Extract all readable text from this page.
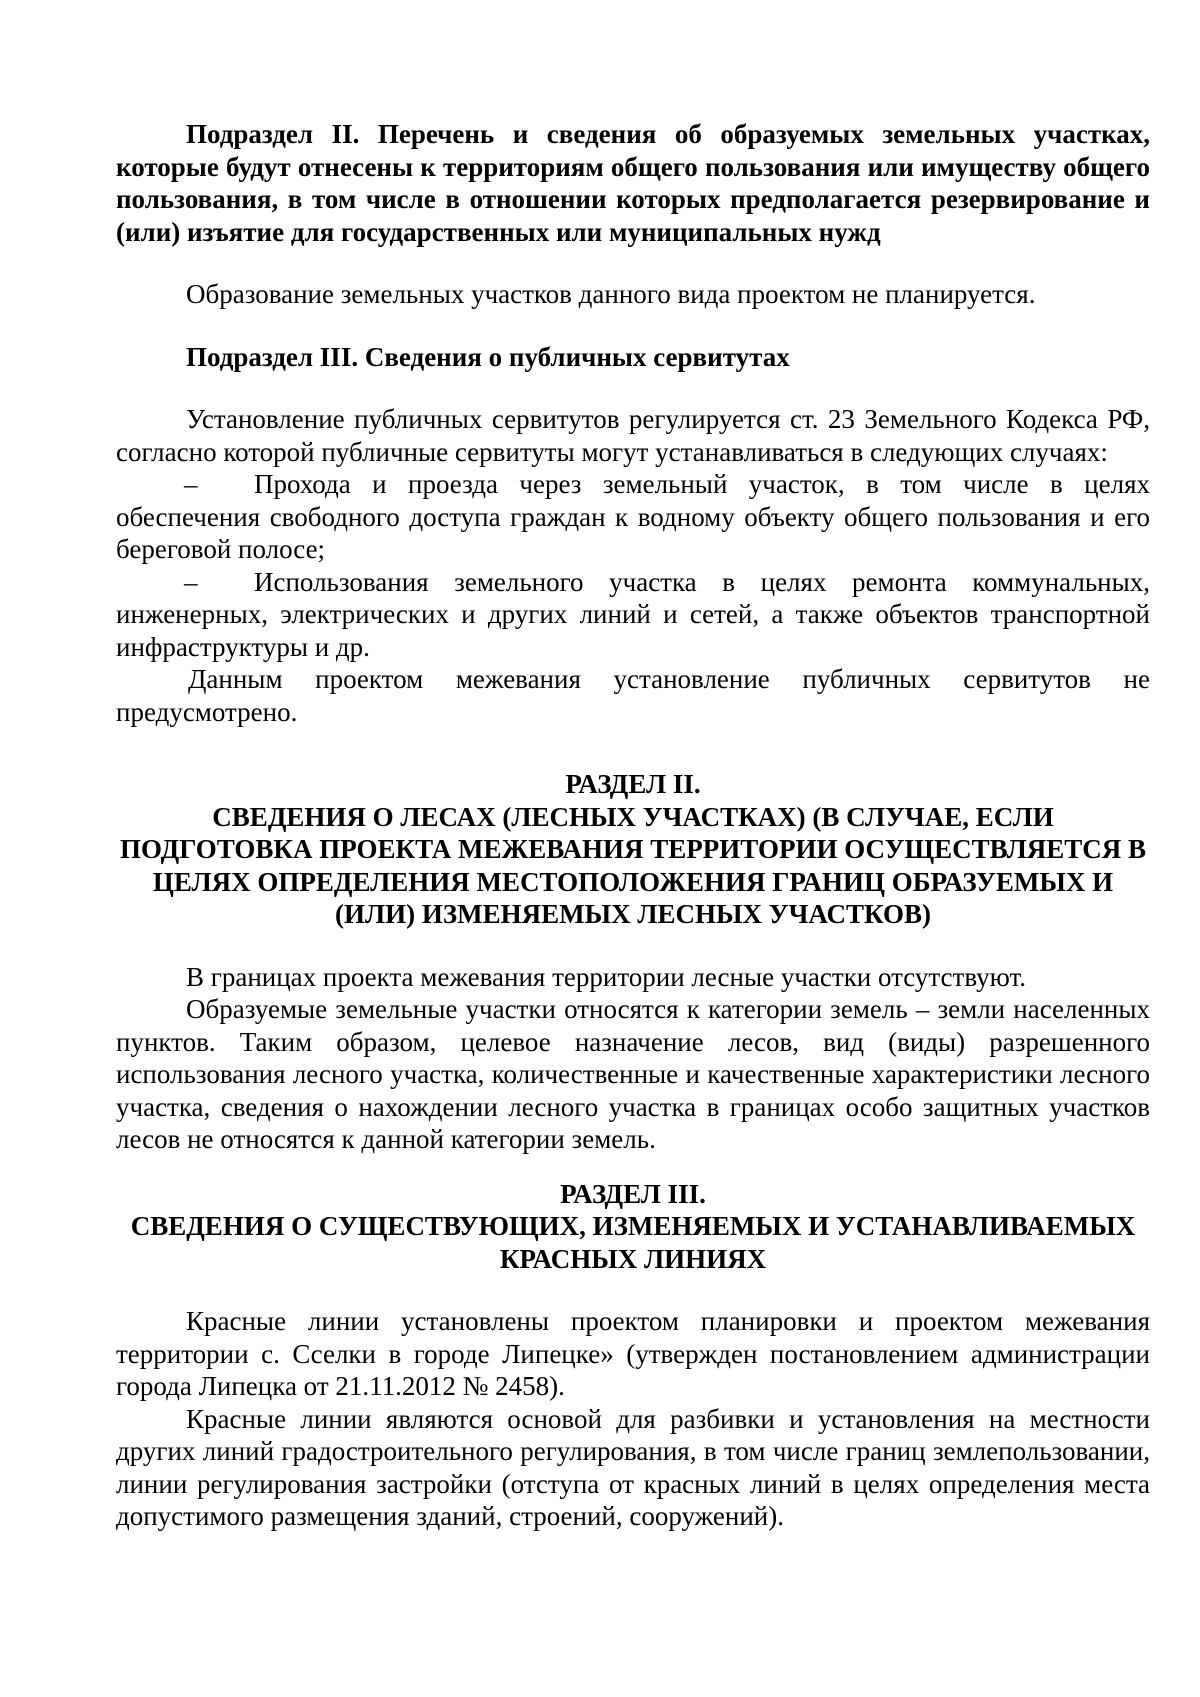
Подраздел II. Перечень и сведения об образуемых земельных участках, которые будут отнесены к территориям общего пользования или имуществу общего пользования, в том числе в отношении которых предполагается резервирование и (или) изъятие для государственных или муниципальных нужд

Образование земельных участков данного вида проектом не планируется.

Подраздел III. Сведения о публичных сервитутах

Установление публичных сервитутов регулируется ст. 23 Земельного Кодекса РФ, согласно которой публичные сервитуты могут устанавливаться в следующих случаях:

– Прохода и проезда через земельный участок, в том числе в целях обеспечения свободного доступа граждан к водному объекту общего пользования и его береговой полосе;

– Использования земельного участка в целях ремонта коммунальных, инженерных, электрических и других линий и сетей, а также объектов транспортной инфраструктуры и др.

Данным проектом межевания установление публичных сервитутов не предусмотрено.

РАЗДЕЛ II.

СВЕДЕНИЯ О ЛЕСАХ (ЛЕСНЫХ УЧАСТКАХ) (В СЛУЧАЕ, ЕСЛИ ПОДГОТОВКА ПРОЕКТА МЕЖЕВАНИЯ ТЕРРИТОРИИ ОСУЩЕСТВЛЯЕТСЯ В ЦЕЛЯХ ОПРЕДЕЛЕНИЯ МЕСТОПОЛОЖЕНИЯ ГРАНИЦ ОБРАЗУЕМЫХ И (ИЛИ) ИЗМЕНЯЕМЫХ ЛЕСНЫХ УЧАСТКОВ)

В границах проекта межевания территории лесные участки отсутствуют.

Образуемые земельные участки относятся к категории земель – земли населенных пунктов. Таким образом, целевое назначение лесов, вид (виды) разрешенного использования лесного участка, количественные и качественные характеристики лесного участка, сведения о нахождении лесного участка в границах особо защитных участков лесов не относятся к данной категории земель.

РАЗДЕЛ III.

СВЕДЕНИЯ О СУЩЕСТВУЮЩИХ, ИЗМЕНЯЕМЫХ И УСТАНАВЛИВАЕМЫХ КРАСНЫХ ЛИНИЯХ

Красные линии установлены проектом планировки и проектом межевания территории с. Сселки в городе Липецке» (утвержден постановлением администрации города Липецка от 21.11.2012 № 2458).

Красные линии являются основой для разбивки и установления на местности других линий градостроительного регулирования, в том числе границ землепользовании, линии регулирования застройки (отступа от красных линий в целях определения места допустимого размещения зданий, строений, сооружений).
